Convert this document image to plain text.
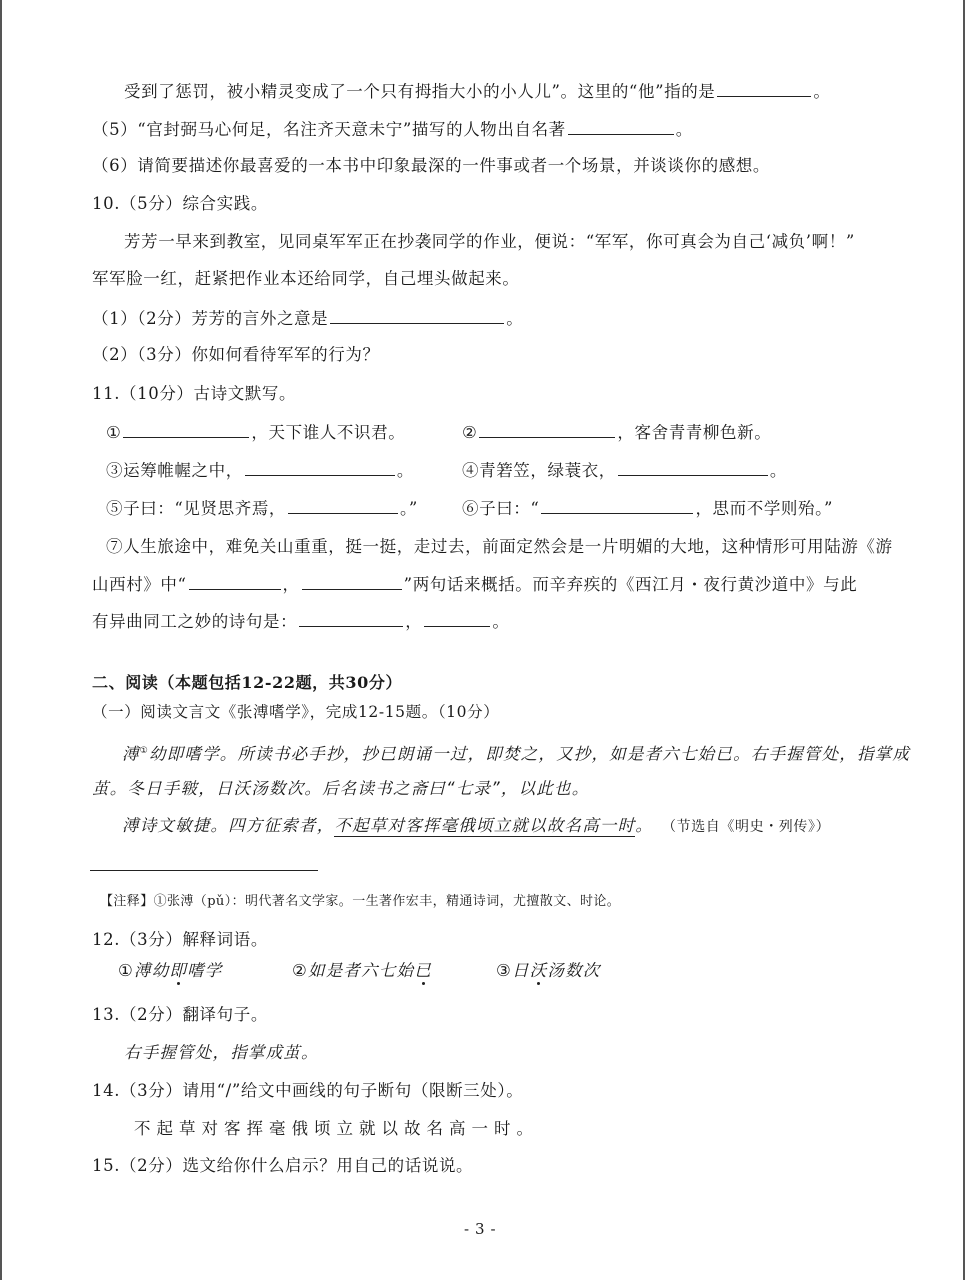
受到了惩罚，被小精灵变成了一个只有拇指大小的小人儿”。这里的“他”指的是	。
（5）“官封弼马心何足，名注齐天意未宁”描写的人物出自名著	。
（6）请简要描述你最喜爱的一本书中印象最深的一件事或者一个场景，并谈谈你的感想。
10.（5分）综合实践。
芳芳一早来到教室，见同桌军军正在抄袭同学的作业，便说：“军军，你可真会为自己‘减负’啊！”
军军脸一红，赶紧把作业本还给同学，自己埋头做起来。
（1）（2分）芳芳的言外之意是	。
（2）（3分）你如何看待军军的行为？
11.（10分）古诗文默写。
①	，天下谁人不识君。	②	，客舍青青柳色新。
③运筹帷幄之中，	。	④青箬笠，绿蓑衣，	。
⑤子曰：“见贤思齐焉，	。”	⑥子曰：“	，思而不学则殆。”
⑦人生旅途中，难免关山重重，挺一挺，走过去，前面定然会是一片明媚的大地，这种情形可用陆游《游
山西村》中“	，	”两句话来概括。而辛弃疾的《西江月・夜行黄沙道中》与此
有异曲同工之妙的诗句是：	，	。
二、阅读（本题包括12-22题，共30分）
（一）阅读文言文《张溥嗜学》，完成12-15题。（10分）
溥①幼即嗜学。所读书必手抄，抄已朗诵一过，即焚之，又抄，如是者六七始已。右手握管处，指掌成
茧。冬日手皲，日沃汤数次。后名读书之斋曰“七录”，以此也。
溥诗文敏捷。四方征索者，不起草对客挥毫俄顷立就以故名高一时。 （节选自《明史・列传》）
【注释】①张溥（pǔ）：明代著名文学家。一生著作宏丰，精通诗词，尤擅散文、时论。
12.（3分）解释词语。
①溥幼即嗜学	②如是者六七始已	③日沃汤数次
13.（2分）翻译句子。
右手握管处，指掌成茧。
14.（3分）请用“/”给文中画线的句子断句（限断三处）。
不起草对客挥毫俄顷立就以故名高一时。
15.（2分）选文给你什么启示？用自己的话说说。
- 3 -
